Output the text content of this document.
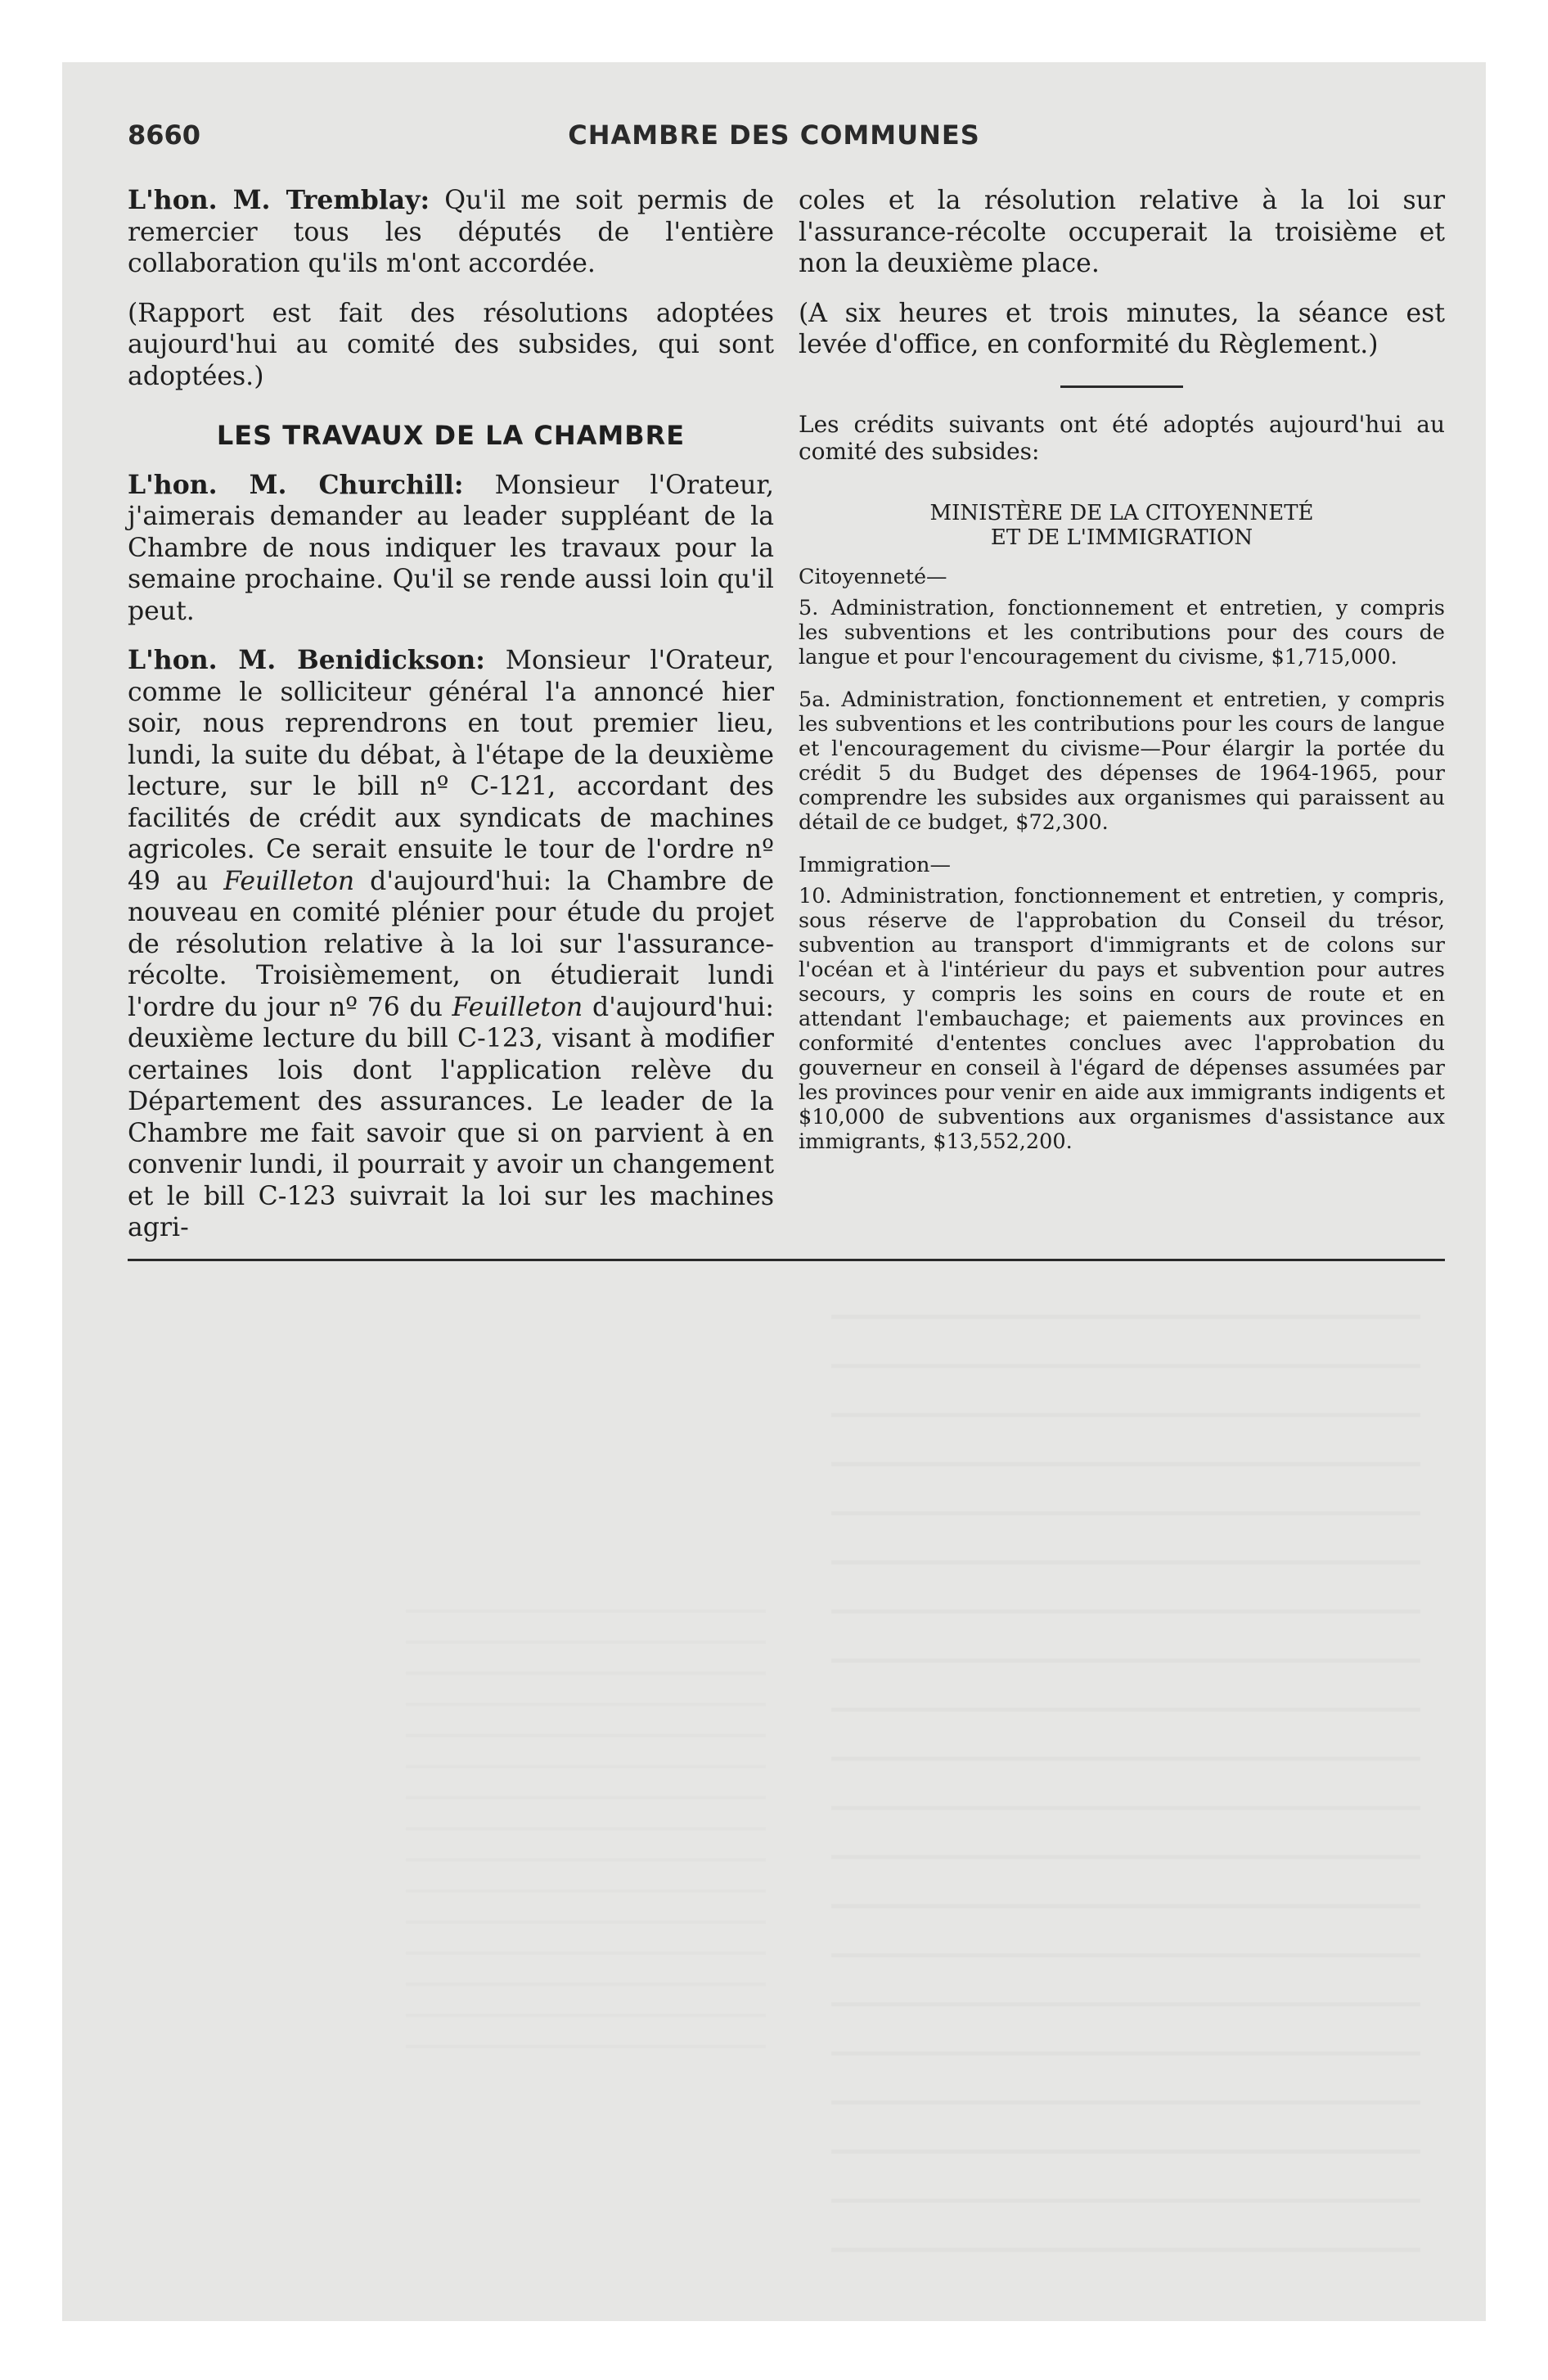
8660	CHAMBRE DES COMMUNES

L'hon. M. Tremblay: Qu'il me soit permis de remercier tous les députés de l'entière collaboration qu'ils m'ont accordée.

(Rapport est fait des résolutions adoptées aujourd'hui au comité des subsides, qui sont adoptées.)

LES TRAVAUX DE LA CHAMBRE

L'hon. M. Churchill: Monsieur l'Orateur, j'aimerais demander au leader suppléant de la Chambre de nous indiquer les travaux pour la semaine prochaine. Qu'il se rende aussi loin qu'il peut.

L'hon. M. Benidickson: Monsieur l'Orateur, comme le solliciteur général l'a annoncé hier soir, nous reprendrons en tout premier lieu, lundi, la suite du débat, à l'étape de la deuxième lecture, sur le bill nº C-121, accordant des facilités de crédit aux syndicats de machines agricoles. Ce serait ensuite le tour de l'ordre nº 49 au Feuilleton d'aujourd'hui: la Chambre de nouveau en comité plénier pour étude du projet de résolution relative à la loi sur l'assurance-récolte. Troisièmement, on étudierait lundi l'ordre du jour nº 76 du Feuilleton d'aujourd'hui: deuxième lecture du bill C-123, visant à modifier certaines lois dont l'application relève du Département des assurances. Le leader de la Chambre me fait savoir que si on parvient à en convenir lundi, il pourrait y avoir un changement et le bill C-123 suivrait la loi sur les machines agri-

coles et la résolution relative à la loi sur l'assurance-récolte occuperait la troisième et non la deuxième place.

(A six heures et trois minutes, la séance est levée d'office, en conformité du Règlement.)

Les crédits suivants ont été adoptés aujourd'hui au comité des subsides:

MINISTÈRE DE LA CITOYENNETÉ
ET DE L'IMMIGRATION
Citoyenneté—

5. Administration, fonctionnement et entretien, y compris les subventions et les contributions pour des cours de langue et pour l'encouragement du civisme, $1,715,000.

5a. Administration, fonctionnement et entretien, y compris les subventions et les contributions pour les cours de langue et l'encouragement du civisme—Pour élargir la portée du crédit 5 du Budget des dépenses de 1964-1965, pour comprendre les subsides aux organismes qui paraissent au détail de ce budget, $72,300.

Immigration—

10. Administration, fonctionnement et entretien, y compris, sous réserve de l'approbation du Conseil du trésor, subvention au transport d'immigrants et de colons sur l'océan et à l'intérieur du pays et subvention pour autres secours, y compris les soins en cours de route et en attendant l'embauchage; et paiements aux provinces en conformité d'ententes conclues avec l'approbation du gouverneur en conseil à l'égard de dépenses assumées par les provinces pour venir en aide aux immigrants indigents et $10,000 de subventions aux organismes d'assistance aux immigrants, $13,552,200.
